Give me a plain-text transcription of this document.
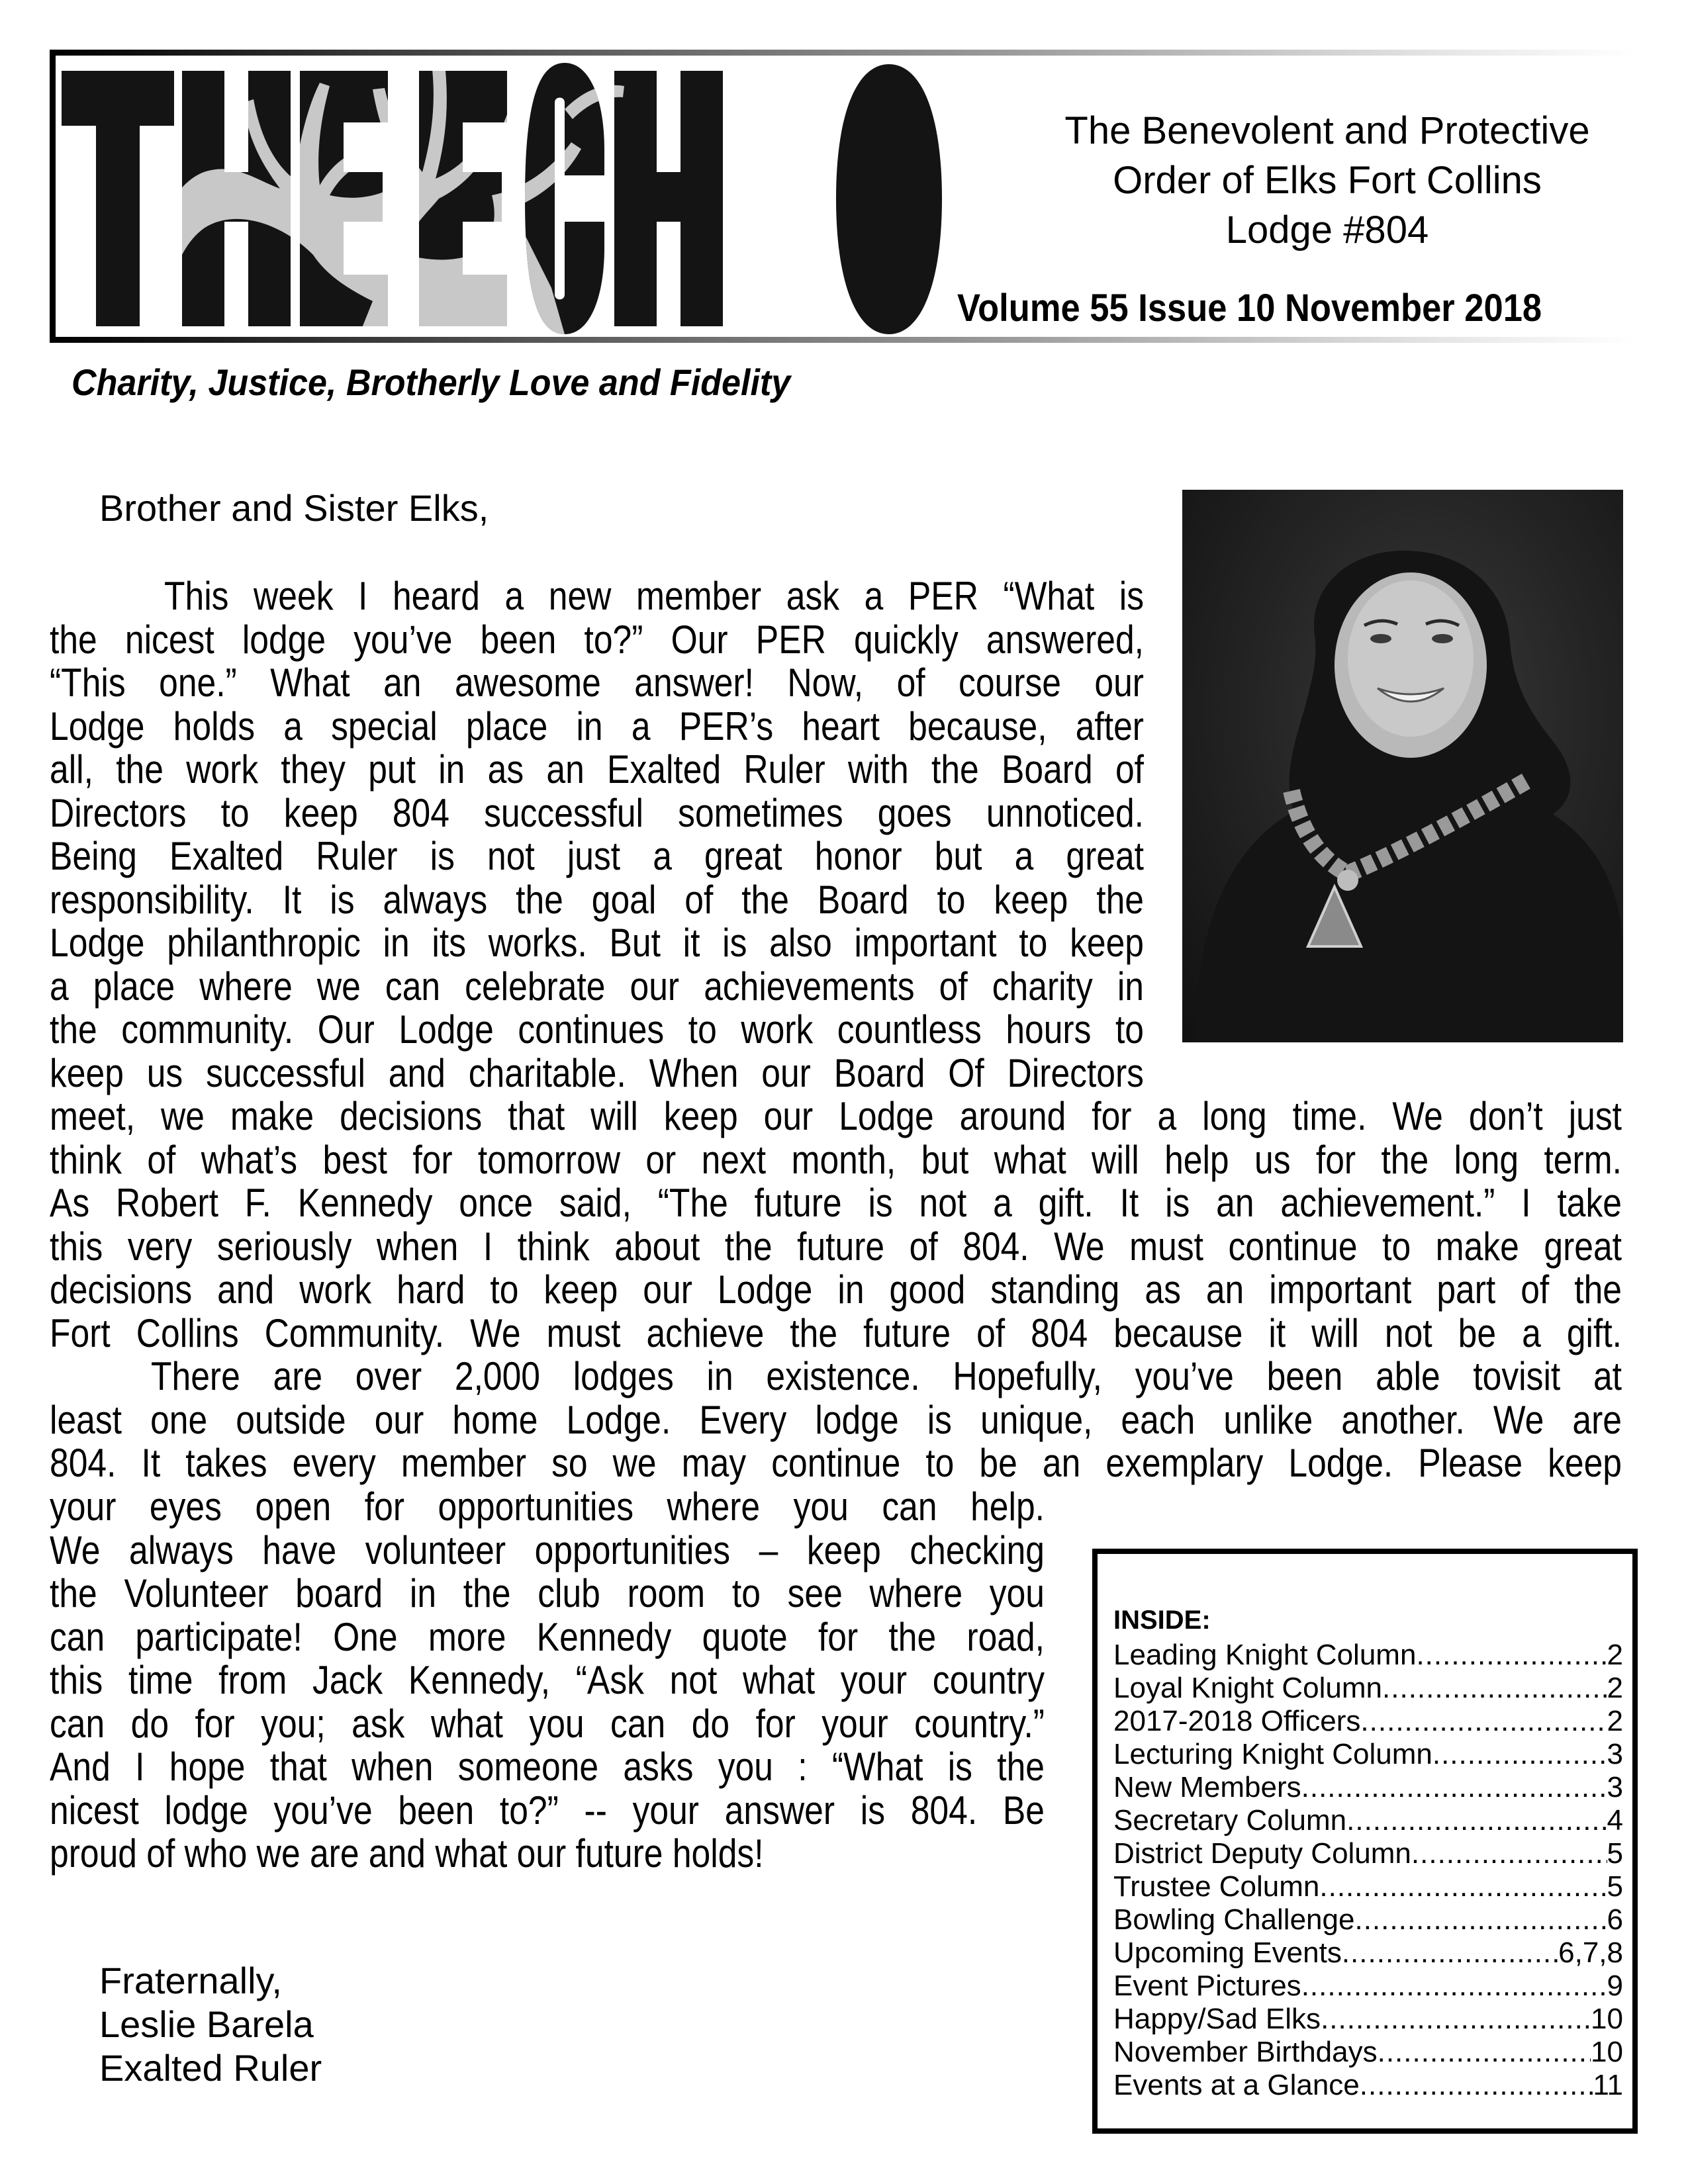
The Benevolent and Protective
Order of Elks Fort Collins
Lodge #804
Volume 55 Issue 10 November 2018
Charity, Justice, Brotherly Love and Fidelity
Brother and Sister Elks,
This week I heard a new member ask a PER “What is
the nicest lodge you’ve been to?” Our PER quickly answered,
“This one.” What an awesome answer! Now, of course our
Lodge holds a special place in a PER’s heart because, after
all, the work they put in as an Exalted Ruler with the Board of
Directors to keep 804 successful sometimes goes unnoticed.
Being Exalted Ruler is not just a great honor but a great
responsibility. It is always the goal of the Board to keep the
Lodge philanthropic in its works. But it is also important to keep
a place where we can celebrate our achievements of charity in
the community. Our Lodge continues to work countless hours to
keep us successful and charitable. When our Board Of Directors
meet, we make decisions that will keep our Lodge around for a long time. We don’t just
think of what’s best for tomorrow or next month, but what will help us for the long term.
As Robert F. Kennedy once said, “The future is not a gift. It is an achievement.” I take
this very seriously when I think about the future of 804. We must continue to make great
decisions and work hard to keep our Lodge in good standing as an important part of the
Fort Collins Community. We must achieve the future of 804 because it will not be a gift.
There are over 2,000 lodges in existence. Hopefully, you’ve been able tovisit at
least one outside our home Lodge. Every lodge is unique, each unlike another. We are
804. It takes every member so we may continue to be an exemplary Lodge. Please keep
your eyes open for opportunities where you can help.
We always have volunteer opportunities – keep checking
the Volunteer board in the club room to see where you
can participate! One more Kennedy quote for the road,
this time from Jack Kennedy, “Ask not what your country
can do for you; ask what you can do for your country.”
And I hope that when someone asks you : “What is the
nicest lodge you’ve been to?” -- your answer is 804. Be
proud of who we are and what our future holds!
Fraternally,
Leslie Barela
Exalted Ruler
INSIDE:
Leading Knight Column .....	2
Loyal Knight Column .....	2
2017-2018 Officers .....	2
Lecturing Knight Column .....	3
New Members .....	3
Secretary Column .....	4
District Deputy Column .....	5
Trustee Column .....	5
Bowling Challenge .....	6
Upcoming Events .....	6,7,8
Event Pictures .....	9
Happy/Sad Elks .....	10
November Birthdays .....	10
Events at a Glance .....	11
